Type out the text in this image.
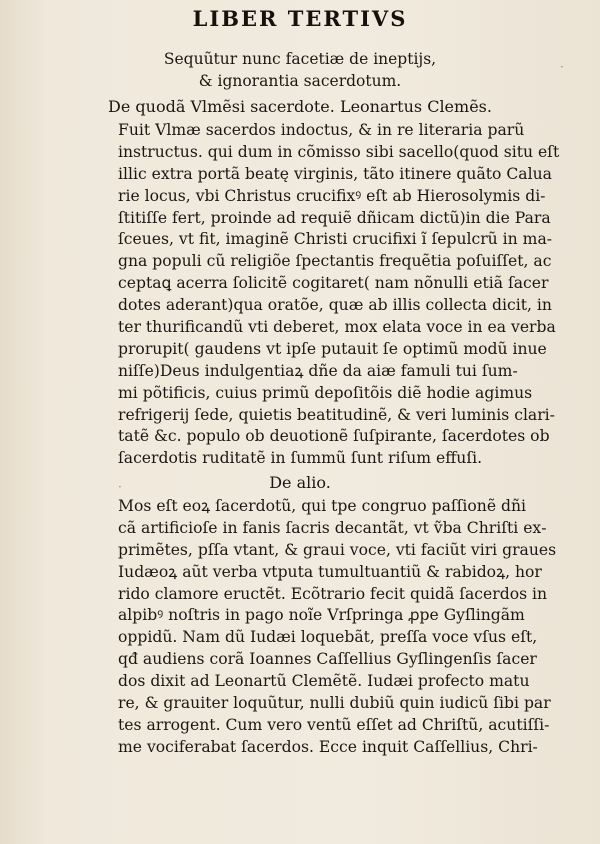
LIBER TERTIVS
Sequũtur nunc facetiæ de ineptijs,
& ignorantia sacerdotum.
De quodã Vlmẽsi sacerdote. Leonartus Clemẽs.
Fuit Vlmæ sacerdos indoctus, & in re literaria parũ
instructus. qui dum in cõmisso sibi sacello(quod situ eſt
illic extra portã beatę virginis, tãto itinere quãto Calua
rie locus, vbi Christus crucifixꝰ eſt ab Hierosolymis di‑
ſtitiſſe fert, proinde ad requiẽ dñicam dictũ)in die Para
ſceues, vt fit, imaginẽ Christi crucifixi ĩ ſepulcrũ in ma‑
gna populi cũ religiõe ſpectantis frequẽtia poſuiſſet, ac
ceptaꝗ acerra ſolicitẽ cogitaret( nam nõnulli etiã ſacer
dotes aderant)qua oratõe, quæ ab illis collecta dicit, in
ter thurificandũ vti deberet, mox elata voce in ea verba
prorupit( gaudens vt ipſe putauit ſe optimũ modũ inue
niſſe)Deus indulgentiaꝝ dñe da aiæ famuli tui ſum‑
mi põtificis, cuius primũ depoſitõis diẽ hodie agimus
refrigerij ſede, quietis beatitudinẽ, & veri luminis clari‑
tatẽ &c. populo ob deuotionẽ ſuſpirante, ſacerdotes ob
ſacerdotis ruditatẽ in ſummũ ſunt riſum effuſi.
De alio.
Mos eſt eoꝝ ſacerdotũ, qui tpe congruo paſſionẽ dñi
cã artificioſe in fanis ſacris decantãt, vt ṽba Chriſti ex‑
primẽtes, pſſa vtant, & graui voce, vti faciũt viri graues
Iudæoꝝ aũt verba vtputa tumultuantiũ & rabidoꝝ, hor
rido clamore eructẽt. Ecõtrario fecit quidã ſacerdos in
alpibꝰ noſtris in pago noĩe Vrſpringa ꝓpe Gyſlingãm
oppidũ. Nam dũ Iudæi loquebãt, preſſa voce vſus eſt,
qđ audiens corã Ioannes Caſſellius Gyſlingenſis ſacer
dos dixit ad Leonartũ Clemẽtẽ. Iudæi profecto matu
re, & grauiter loquũtur, nulli dubiũ quin iudicũ ſibi par
tes arrogent. Cum vero ventũ eſſet ad Chriſtũ, acutiſſi‑
me vociferabat ſacerdos. Ecce inquit Caſſellius, Chri‑
·
·
